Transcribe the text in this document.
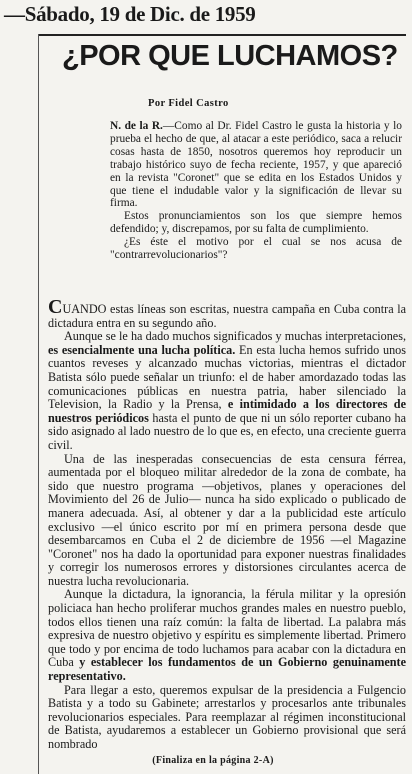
—Sábado, 19 de Dic. de 1959
¿POR QUE LUCHAMOS?
Por Fidel Castro

N. de la R.—Como al Dr. Fidel Castro le gusta la historia y lo prueba el hecho de que, al atacar a este periódico, saca a relucir cosas hasta de 1850, nosotros queremos hoy reproducir un trabajo histórico suyo de fecha reciente, 1957, y que apareció en la revista "Coronet" que se edita en los Estados Unidos y que tiene el indudable valor y la significación de llevar su firma.

Estos pronunciamientos son los que siempre hemos defendido; y, discrepamos, por su falta de cumplimiento.

¿Es éste el motivo por el cual se nos acusa de "contrarrevolucionarios"?

CUANDO estas líneas son escritas, nuestra campaña en Cuba contra la dictadura entra en su segundo año.

Aunque se le ha dado muchos significados y muchas interpretaciones, es esencialmente una lucha política. En esta lucha hemos sufrido unos cuantos reveses y alcanzado muchas victorias, mientras el dictador Batista sólo puede señalar un triunfo: el de haber amordazado todas las comunicaciones públicas en nuestra patria, haber silenciado la Television, la Radio y la Prensa, e intimidado a los directores de nuestros periódicos hasta el punto de que ni un sólo reporter cubano ha sido asignado al lado nuestro de lo que es, en efecto, una creciente guerra civil.

Una de las inesperadas consecuencias de esta censura férrea, aumentada por el bloqueo militar alrededor de la zona de combate, ha sido que nuestro programa —objetivos, planes y operaciones del Movimiento del 26 de Julio— nunca ha sido explicado o publicado de manera adecuada. Así, al obtener y dar a la publicidad este artículo exclusivo —el único escrito por mí en primera persona desde que desembarcamos en Cuba el 2 de diciembre de 1956 —el Magazine "Coronet" nos ha dado la oportunidad para exponer nuestras finalidades y corregir los numerosos errores y distorsiones circulantes acerca de nuestra lucha revolucionaria.

Aunque la dictadura, la ignorancia, la férula militar y la opresión policiaca han hecho proliferar muchos grandes males en nuestro pueblo, todos ellos tienen una raíz común: la falta de libertad. La palabra más expresiva de nuestro objetivo y espíritu es simplemente libertad. Primero que todo y por encima de todo luchamos para acabar con la dictadura en Cuba y establecer los fundamentos de un Gobierno genuinamente representativo.

Para llegar a esto, queremos expulsar de la presidencia a Fulgencio Batista y a todo su Gabinete; arrestarlos y procesarlos ante tribunales revolucionarios especiales. Para reemplazar al régimen inconstitucional de Batista, ayudaremos a establecer un Gobierno provisional que será nombrado

(Finaliza en la página 2-A)
